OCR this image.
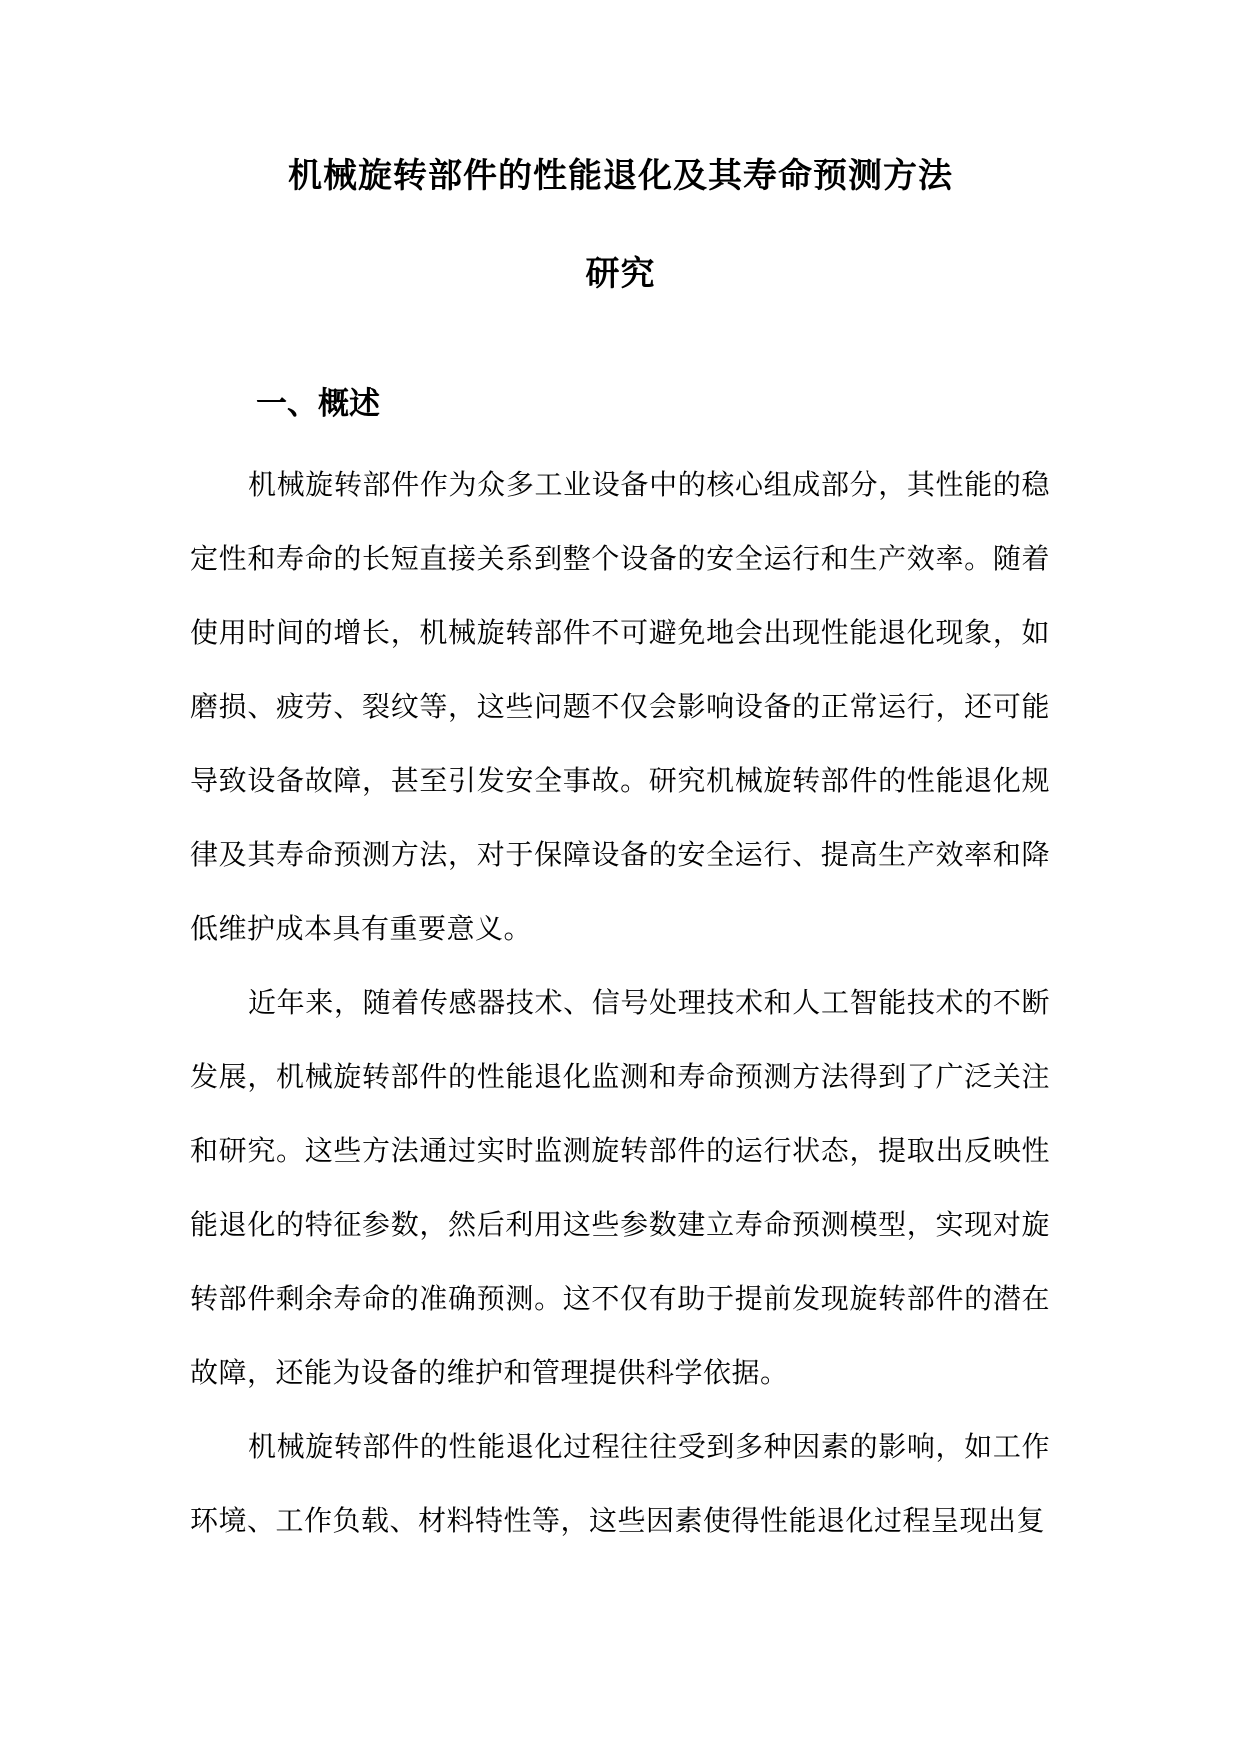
机械旋转部件的性能退化及其寿命预测方法
研究
一、概述

机械旋转部件作为众多工业设备中的核心组成部分，其性能的稳定性和寿命的长短直接关系到整个设备的安全运行和生产效率。随着使用时间的增长，机械旋转部件不可避免地会出现性能退化现象，如磨损、疲劳、裂纹等，这些问题不仅会影响设备的正常运行，还可能导致设备故障，甚至引发安全事故。研究机械旋转部件的性能退化规律及其寿命预测方法，对于保障设备的安全运行、提高生产效率和降低维护成本具有重要意义。

近年来，随着传感器技术、信号处理技术和人工智能技术的不断发展，机械旋转部件的性能退化监测和寿命预测方法得到了广泛关注和研究。这些方法通过实时监测旋转部件的运行状态，提取出反映性能退化的特征参数，然后利用这些参数建立寿命预测模型，实现对旋转部件剩余寿命的准确预测。这不仅有助于提前发现旋转部件的潜在故障，还能为设备的维护和管理提供科学依据。

机械旋转部件的性能退化过程往往受到多种因素的影响，如工作环境、工作负载、材料特性等，这些因素使得性能退化过程呈现出复
